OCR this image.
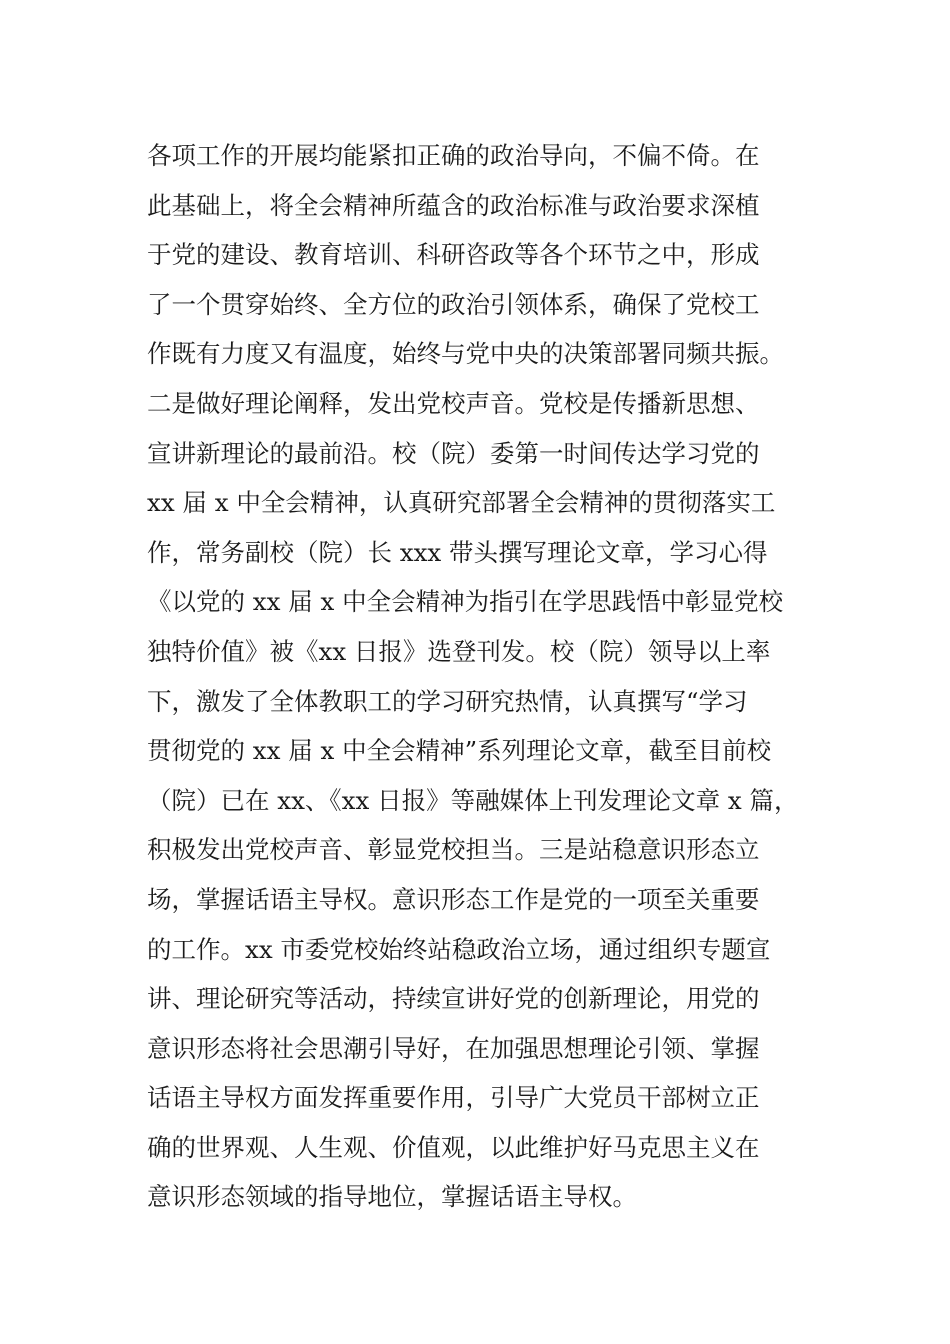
各项工作的开展均能紧扣正确的政治导向，不偏不倚。在
此基础上，将全会精神所蕴含的政治标准与政治要求深植
于党的建设、教育培训、科研咨政等各个环节之中，形成
了一个贯穿始终、全方位的政治引领体系，确保了党校工
作既有力度又有温度，始终与党中央的决策部署同频共振。
二是做好理论阐释，发出党校声音。党校是传播新思想、
宣讲新理论的最前沿。校（院）委第一时间传达学习党的
xx 届 x 中全会精神，认真研究部署全会精神的贯彻落实工
作，常务副校（院）长 xxx 带头撰写理论文章，学习心得
《以党的 xx 届 x 中全会精神为指引在学思践悟中彰显党校
独特价值》被《xx 日报》选登刊发。校（院）领导以上率
下，激发了全体教职工的学习研究热情，认真撰写“学习
贯彻党的 xx 届 x 中全会精神”系列理论文章，截至目前校
（院）已在 xx、《xx 日报》等融媒体上刊发理论文章 x 篇，
积极发出党校声音、彰显党校担当。三是站稳意识形态立
场，掌握话语主导权。意识形态工作是党的一项至关重要
的工作。xx 市委党校始终站稳政治立场，通过组织专题宣
讲、理论研究等活动，持续宣讲好党的创新理论，用党的
意识形态将社会思潮引导好，在加强思想理论引领、掌握
话语主导权方面发挥重要作用，引导广大党员干部树立正
确的世界观、人生观、价值观，以此维护好马克思主义在
意识形态领域的指导地位，掌握话语主导权。
